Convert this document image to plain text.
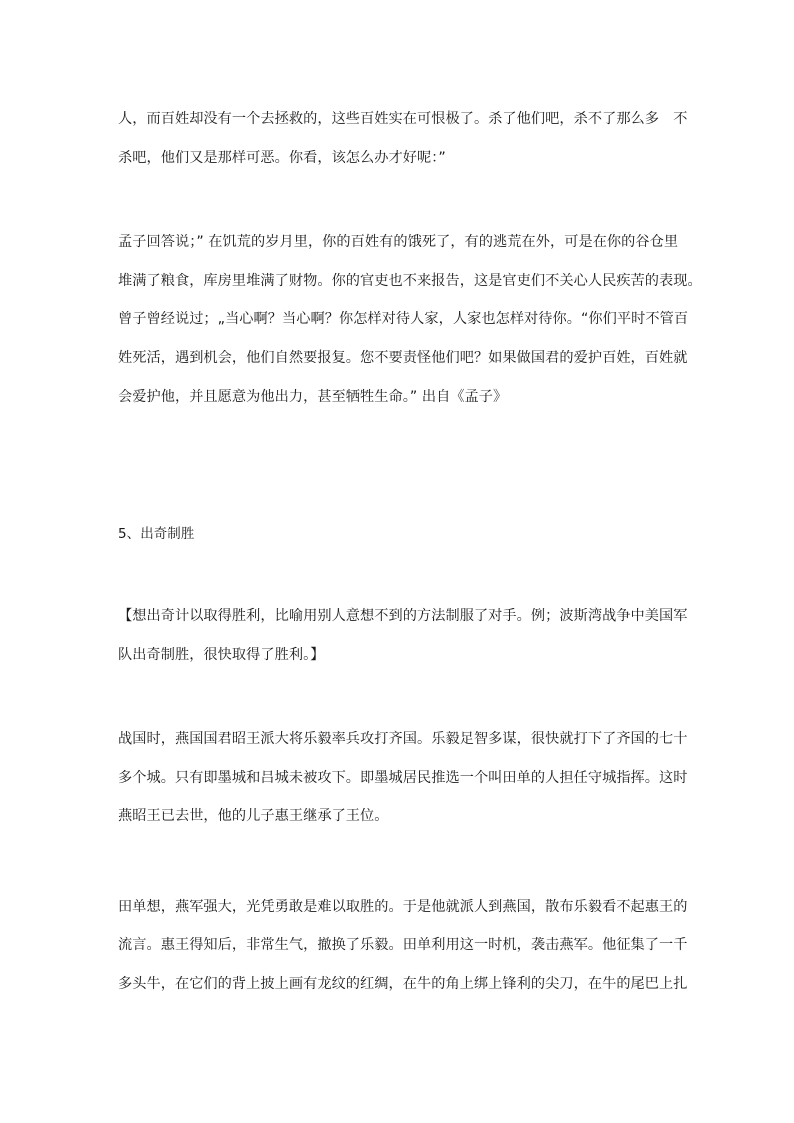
人，而百姓却没有一个去拯救的，这些百姓实在可恨极了。杀了他们吧，杀不了那么多　不
杀吧，他们又是那样可恶。你看，该怎么办才好呢：”
孟子回答说；” 在饥荒的岁月里，你的百姓有的饿死了，有的逃荒在外，可是在你的谷仓里
堆满了粮食，库房里堆满了财物。你的官吏也不来报告，这是官吏们不关心人民疾苦的表现。
曾子曾经说过；„当心啊？当心啊？你怎样对待人家，人家也怎样对待你。“你们平时不管百
姓死活，遇到机会，他们自然要报复。您不要责怪他们吧？如果做国君的爱护百姓，百姓就
会爱护他，并且愿意为他出力，甚至牺牲生命。” 出自《孟子》
5、出奇制胜
【想出奇计以取得胜利，比喻用别人意想不到的方法制服了对手。例；波斯湾战争中美国军
队出奇制胜，很快取得了胜利。】
战国时，燕国国君昭王派大将乐毅率兵攻打齐国。乐毅足智多谋，很快就打下了齐国的七十
多个城。只有即墨城和吕城未被攻下。即墨城居民推选一个叫田单的人担任守城指挥。这时
燕昭王已去世，他的儿子惠王继承了王位。
田单想，燕军强大，光凭勇敢是难以取胜的。于是他就派人到燕国，散布乐毅看不起惠王的
流言。惠王得知后，非常生气，撤换了乐毅。田单利用这一时机，袭击燕军。他征集了一千
多头牛，在它们的背上披上画有龙纹的红绸，在牛的角上绑上锋利的尖刀，在牛的尾巴上扎
